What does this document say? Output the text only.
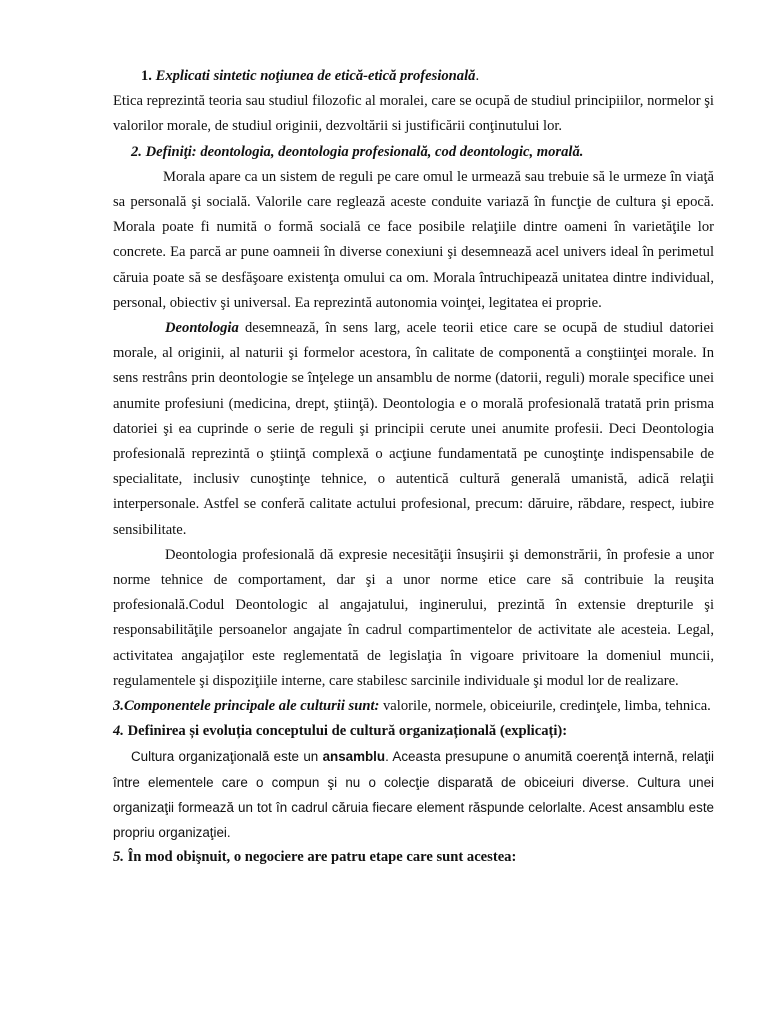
1. Explicati sintetic noţiunea de etică-etică profesională.

Etica reprezintă teoria sau studiul filozofic al moralei, care se ocupă de studiul principiilor, normelor şi valorilor morale, de studiul originii, dezvoltării si justificării conţinutului lor.

2. Definiţi: deontologia, deontologia profesională, cod deontologic, morală.

Morala apare ca un sistem de reguli pe care omul le urmează sau trebuie să le urmeze în viaţă sa personală şi socială. Valorile care reglează aceste conduite variază în funcţie de cultura şi epocă. Morala poate fi numită o formă socială ce face posibile relaţiile dintre oameni în varietăţile lor concrete. Ea parcă ar pune oamneii în diverse conexiuni şi desemnează acel univers ideal în perimetul căruia poate să se desfăşoare existenţa omului ca om. Morala întruchipează unitatea dintre individual, personal, obiectiv şi universal. Ea reprezintă autonomia voinţei, legitatea ei proprie.

Deontologia desemnează, în sens larg, acele teorii etice care se ocupă de studiul datoriei morale, al originii, al naturii şi formelor acestora, în calitate de componentă a conştiinţei morale. In sens restrâns prin deontologie se înţelege un ansamblu de norme (datorii, reguli) morale specifice unei anumite profesiuni (medicina, drept, ştiinţă). Deontologia e o morală profesională tratată prin prisma datoriei şi ea cuprinde o serie de reguli şi principii cerute unei anumite profesii. Deci Deontologia profesională reprezintă o ştiinţă complexă o acţiune fundamentată pe cunoştinţe indispensabile de specialitate, inclusiv cunoştinţe tehnice, o autentică cultură generală umanistă, adică relaţii interpersonale. Astfel se conferă calitate actului profesional, precum: dăruire, răbdare, respect, iubire sensibilitate.

Deontologia profesională dă expresie necesităţii însuşirii şi demonstrării, în profesie a unor norme tehnice de comportament, dar şi a unor norme etice care să contribuie la reuşita profesională.Codul Deontologic al angajatului, inginerului, prezintă în extensie drepturile şi responsabilităţile persoanelor angajate în cadrul compartimentelor de activitate ale acesteia. Legal, activitatea angajaţilor este reglementată de legislaţia în vigoare privitoare la domeniul muncii, regulamentele şi dispoziţiile interne, care stabilesc sarcinile individuale şi modul lor de realizare.

3.Componentele principale ale culturii sunt: valorile, normele, obiceiurile, credinţele, limba, tehnica.

4. Definirea și evoluția conceptului de cultură organizațională (explicați):

Cultura organizaţională este un ansamblu. Aceasta presupune o anumită coerenţă internă, relaţii între elementele care o compun şi nu o colecţie disparată de obiceiuri diverse. Cultura unei organizaţii formează un tot în cadrul căruia fiecare element răspunde celorlalte. Acest ansamblu este propriu organizaţiei.

5. În mod obişnuit, o negociere are patru etape care sunt acestea:
